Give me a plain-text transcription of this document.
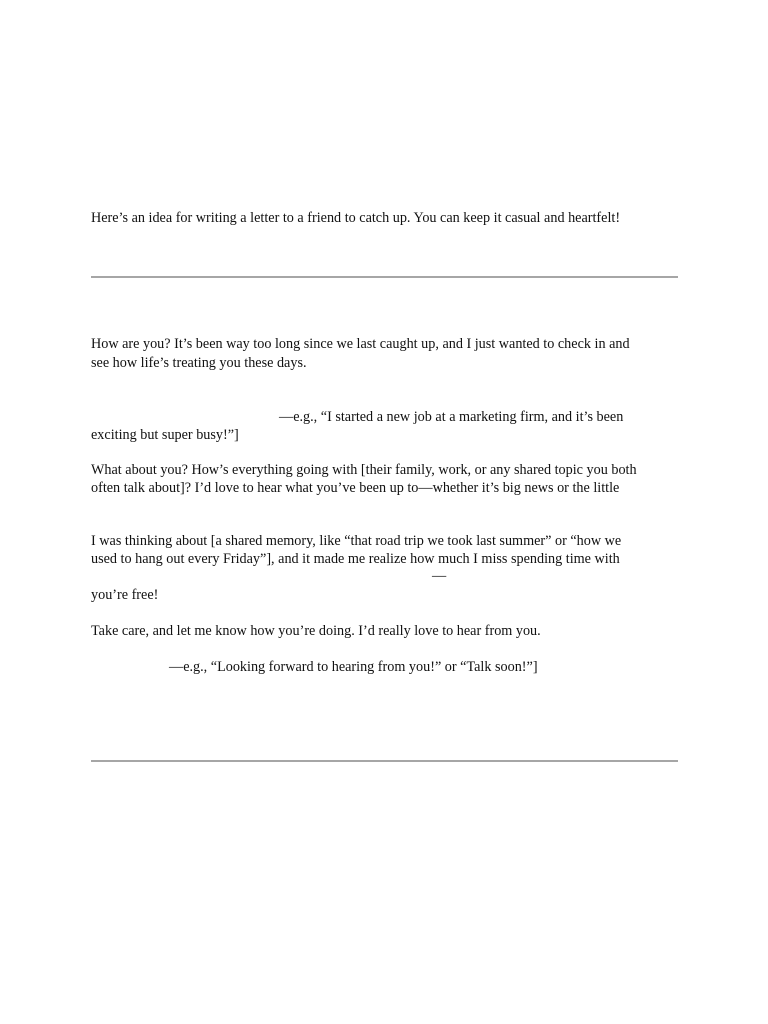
Here’s an idea for writing a letter to a friend to catch up. You can keep it casual and heartfelt!

How are you? It’s been way too long since we last caught up, and I just wanted to check in and

see how life’s treating you these days.

—e.g., “I started a new job at a marketing firm, and it’s been

exciting but super busy!”]

What about you? How’s everything going with [their family, work, or any shared topic you both

often talk about]? I’d love to hear what you’ve been up to—whether it’s big news or the little

I was thinking about [a shared memory, like “that road trip we took last summer” or “how we

used to hang out every Friday”], and it made me realize how much I miss spending time with

—

you’re free!

Take care, and let me know how you’re doing. I’d really love to hear from you.

—e.g., “Looking forward to hearing from you!” or “Talk soon!”]
